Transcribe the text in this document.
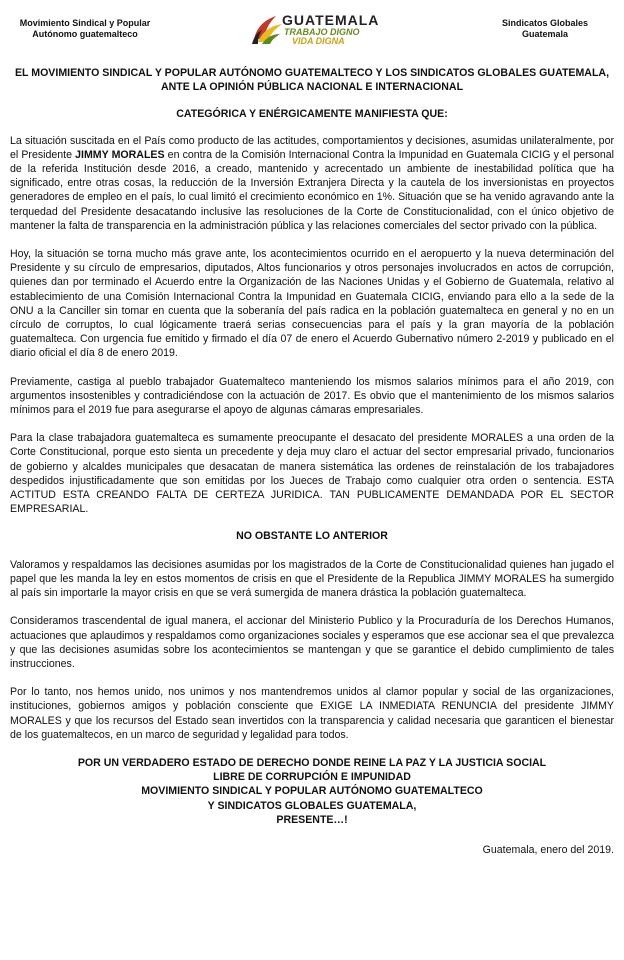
Movimiento Sindical y Popular Autónomo guatemalteco
GUATEMALA
TRABAJO DIGNO
VIDA DIGNA
Sindicatos Globales Guatemala

EL MOVIMIENTO SINDICAL Y POPULAR AUTÓNOMO GUATEMALTECO Y LOS SINDICATOS GLOBALES GUATEMALA, ANTE LA OPINIÓN PÚBLICA NACIONAL E INTERNACIONAL

CATEGÓRICA Y ENÉRGICAMENTE MANIFIESTA QUE:

La situación suscitada en el País como producto de las actitudes, comportamientos y decisiones, asumidas unilateralmente, por el Presidente JIMMY MORALES en contra de la Comisión Internacional Contra la Impunidad en Guatemala CICIG y el personal de la referida Institución desde 2016, a creado, mantenido y acrecentado un ambiente de inestabilidad política que ha significado, entre otras cosas, la reducción de la Inversión Extranjera Directa y la cautela de los inversionistas en proyectos generadores de empleo en el país, lo cual limitó el crecimiento económico en 1%. Situación que se ha venido agravando ante la terquedad del Presidente desacatando inclusive las resoluciones de la Corte de Constitucionalidad, con el único objetivo de mantener la falta de transparencia en la administración pública y las relaciones comerciales del sector privado con la pública.

Hoy, la situación se torna mucho más grave ante, los acontecimientos ocurrido en el aeropuerto y la nueva determinación del Presidente y su círculo de empresarios, diputados, Altos funcionarios y otros personajes involucrados en actos de corrupción, quienes dan por terminado el Acuerdo entre la Organización de las Naciones Unidas y el Gobierno de Guatemala, relativo al establecimiento de una Comisión Internacional Contra la Impunidad en Guatemala CICIG, enviando para ello a la sede de la ONU a la Canciller sin tomar en cuenta que la soberanía del país radica en la población guatemalteca en general y no en un círculo de corruptos, lo cual lógicamente traerá serias consecuencias para el país y la gran mayoría de la población guatemalteca. Con urgencia fue emitido y firmado el día 07 de enero el Acuerdo Gubernativo número 2-2019 y publicado en el diario oficial el día 8 de enero 2019.

Previamente, castiga al pueblo trabajador Guatemalteco manteniendo los mismos salarios mínimos para el año 2019, con argumentos insostenibles y contradiciéndose con la actuación de 2017. Es obvio que el mantenimiento de los mismos salarios mínimos para el 2019 fue para asegurarse el apoyo de algunas cámaras empresariales.

Para la clase trabajadora guatemalteca es sumamente preocupante el desacato del presidente MORALES a una orden de la Corte Constitucional, porque esto sienta un precedente y deja muy claro el actuar del sector empresarial privado, funcionarios de gobierno y alcaldes municipales que desacatan de manera sistemática las ordenes de reinstalación de los trabajadores despedidos injustificadamente que son emitidas por los Jueces de Trabajo como cualquier otra orden o sentencia. ESTA ACTITUD ESTA CREANDO FALTA DE CERTEZA JURIDICA. TAN PUBLICAMENTE DEMANDADA POR EL SECTOR EMPRESARIAL.

NO OBSTANTE LO ANTERIOR

Valoramos y respaldamos las decisiones asumidas por los magistrados de la Corte de Constitucionalidad quienes han jugado el papel que les manda la ley en estos momentos de crisis en que el Presidente de la Republica JIMMY MORALES ha sumergido al país sin importarle la mayor crisis en que se verá sumergida de manera drástica la población guatemalteca.

Consideramos trascendental de igual manera, el accionar del Ministerio Publico y la Procuraduría de los Derechos Humanos, actuaciones que aplaudimos y respaldamos como organizaciones sociales y esperamos que ese accionar sea el que prevalezca y que las decisiones asumidas sobre los acontecimientos se mantengan y que se garantice el debido cumplimiento de tales instrucciones.

Por lo tanto, nos hemos unido, nos unimos y nos mantendremos unidos al clamor popular y social de las organizaciones, instituciones, gobiernos amigos y población consciente que EXIGE LA INMEDIATA RENUNCIA del presidente JIMMY MORALES y que los recursos del Estado sean invertidos con la transparencia y calidad necesaria que garanticen el bienestar de los guatemaltecos, en un marco de seguridad y legalidad para todos.

POR UN VERDADERO ESTADO DE DERECHO DONDE REINE LA PAZ Y LA JUSTICIA SOCIAL

LIBRE DE CORRUPCIÓN E IMPUNIDAD

MOVIMIENTO SINDICAL Y POPULAR AUTÓNOMO GUATEMALTECO

Y SINDICATOS GLOBALES GUATEMALA,

PRESENTE…!

Guatemala, enero del 2019.
